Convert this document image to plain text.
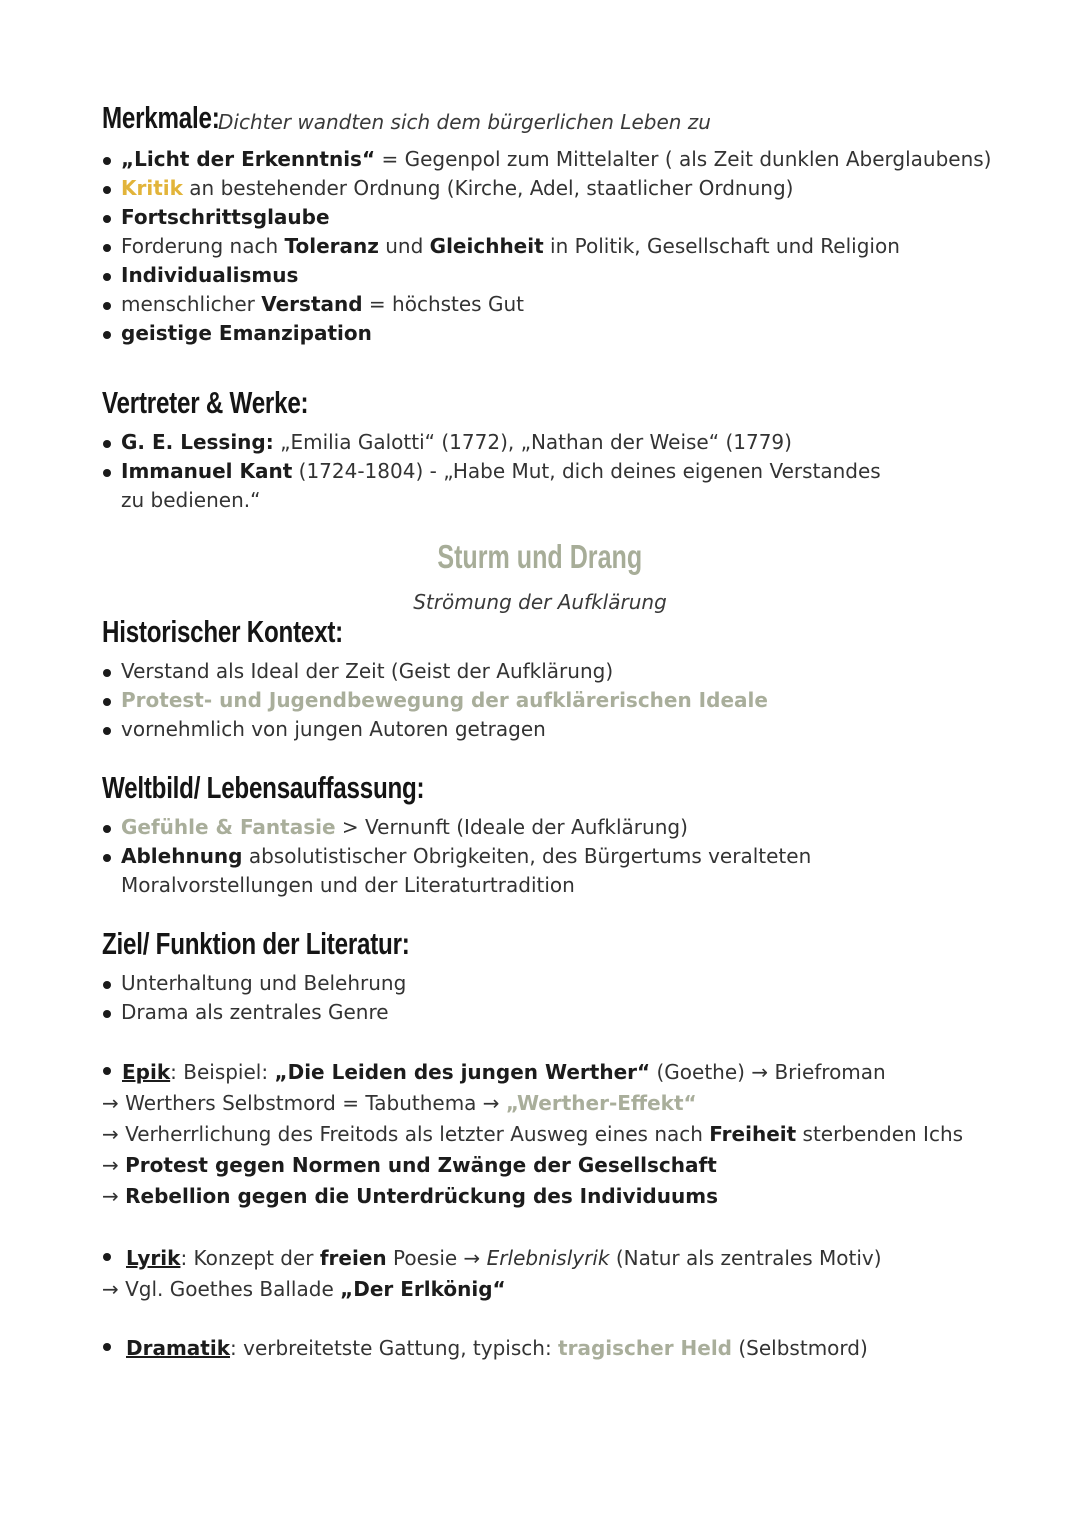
Merkmale:
Dichter wandten sich dem bürgerlichen Leben zu
„Licht der Erkenntnis“ = Gegenpol zum Mittelalter ( als Zeit dunklen Aberglaubens)
Kritik an bestehender Ordnung (Kirche, Adel, staatlicher Ordnung)
Fortschrittsglaube
Forderung nach Toleranz und Gleichheit in Politik, Gesellschaft und Religion
Individualismus
menschlicher Verstand = höchstes Gut
geistige Emanzipation
Vertreter & Werke:
G. E. Lessing: „Emilia Galotti“ (1772), „Nathan der Weise“ (1779)
Immanuel Kant (1724-1804) - „Habe Mut, dich deines eigenen Verstandes zu bedienen.“
Sturm und Drang
Strömung der Aufklärung
Historischer Kontext:
Verstand als Ideal der Zeit (Geist der Aufklärung)
Protest- und Jugendbewegung der aufklärerischen Ideale
vornehmlich von jungen Autoren getragen
Weltbild/ Lebensauffassung:
Gefühle & Fantasie > Vernunft (Ideale der Aufklärung)
Ablehnung absolutistischer Obrigkeiten, des Bürgertums veralteten Moralvorstellungen und der Literaturtradition
Ziel/ Funktion der Literatur:
Unterhaltung und Belehrung
Drama als zentrales Genre
Epik: Beispiel: „Die Leiden des jungen Werther“ (Goethe) → Briefroman
→ Werthers Selbstmord = Tabuthema → „Werther-Effekt“
→ Verherrlichung des Freitods als letzter Ausweg eines nach Freiheit sterbenden Ichs
→ Protest gegen Normen und Zwänge der Gesellschaft
→ Rebellion gegen die Unterdrückung des Individuums
Lyrik: Konzept der freien Poesie → Erlebnislyrik (Natur als zentrales Motiv)
→ Vgl. Goethes Ballade „Der Erlkönig“
Dramatik: verbreitetste Gattung, typisch: tragischer Held (Selbstmord)
